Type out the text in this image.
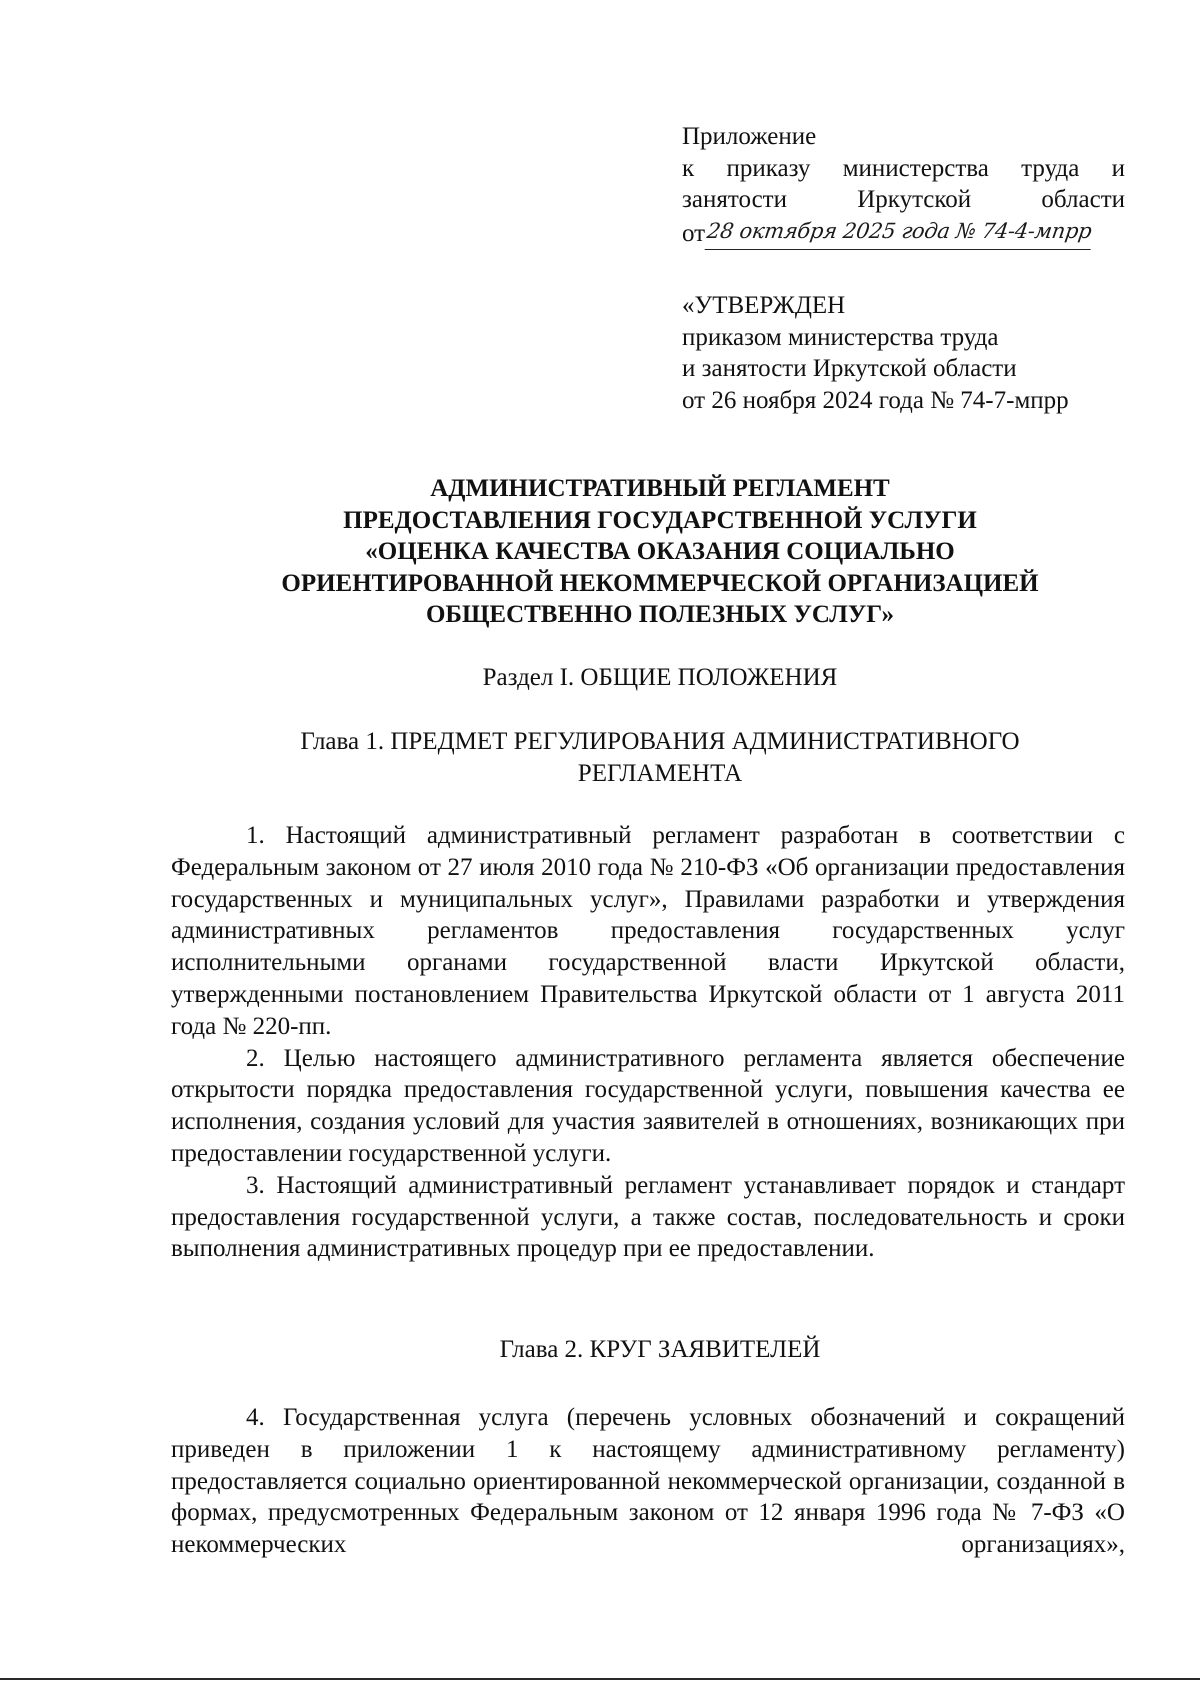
Приложение
к приказу министерства труда и
занятости Иркутской области
от 28 октября 2025 года № 74-4-мпрр
«УТВЕРЖДЕН
приказом министерства труда
и занятости Иркутской области
от 26 ноября 2024 года № 74-7-мпрр
АДМИНИСТРАТИВНЫЙ РЕГЛАМЕНТ
ПРЕДОСТАВЛЕНИЯ ГОСУДАРСТВЕННОЙ УСЛУГИ
«ОЦЕНКА КАЧЕСТВА ОКАЗАНИЯ СОЦИАЛЬНО
ОРИЕНТИРОВАННОЙ НЕКОММЕРЧЕСКОЙ ОРГАНИЗАЦИЕЙ
ОБЩЕСТВЕННО ПОЛЕЗНЫХ УСЛУГ»
Раздел I. ОБЩИЕ ПОЛОЖЕНИЯ
Глава 1. ПРЕДМЕТ РЕГУЛИРОВАНИЯ АДМИНИСТРАТИВНОГО
РЕГЛАМЕНТА

1. Настоящий административный регламент разработан в соответствии с Федеральным законом от 27 июля 2010 года № 210-ФЗ «Об организации предоставления государственных и муниципальных услуг», Правилами разработки и утверждения административных регламентов предоставления государственных услуг исполнительными органами государственной власти Иркутской области, утвержденными постановлением Правительства Иркутской области от 1 августа 2011 года № 220-пп.

2. Целью настоящего административного регламента является обеспечение открытости порядка предоставления государственной услуги, повышения качества ее исполнения, создания условий для участия заявителей в отношениях, возникающих при предоставлении государственной услуги.

3. Настоящий административный регламент устанавливает порядок и стандарт предоставления государственной услуги, а также состав, последовательность и сроки выполнения административных процедур при ее предоставлении.

Глава 2. КРУГ ЗАЯВИТЕЛЕЙ

4. Государственная услуга (перечень условных обозначений и сокращений приведен в приложении 1 к настоящему административному регламенту) предоставляется социально ориентированной некоммерческой организации, созданной в формах, предусмотренных Федеральным законом от 12 января 1996 года № 7-ФЗ «О некоммерческих организациях»,
